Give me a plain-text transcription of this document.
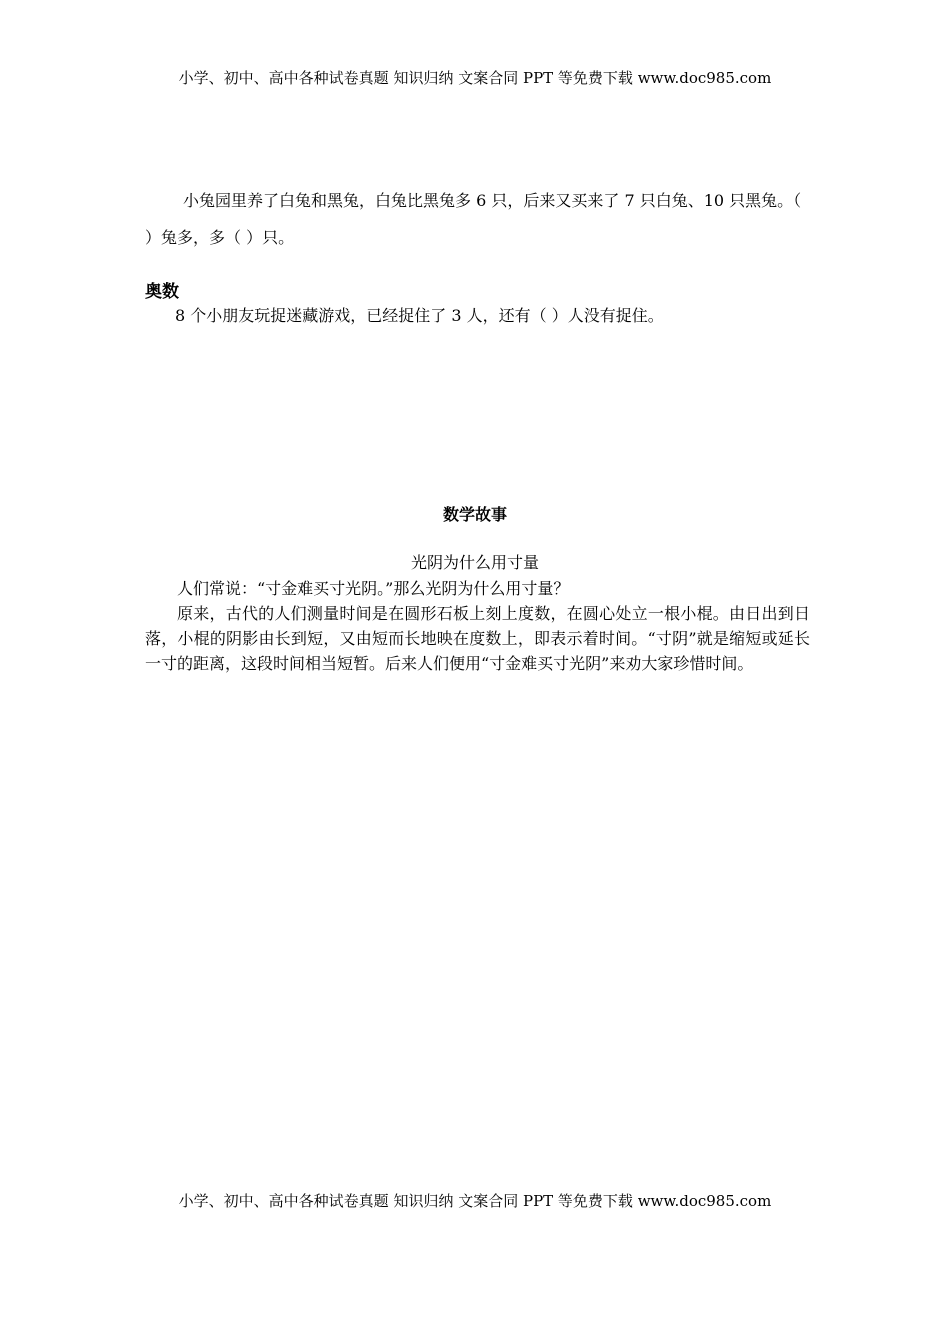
小学、初中、高中各种试卷真题 知识归纳 文案合同 PPT 等免费下载 www.doc985.com
小兔园里养了白兔和黑兔，白兔比黑兔多 6 只，后来又买来了 7 只白兔、10 只黑兔。（ ）兔多，多（ ）只。
奥数
8 个小朋友玩捉迷藏游戏，已经捉住了 3 人，还有（ ）人没有捉住。
数学故事
光阴为什么用寸量

人们常说：“寸金难买寸光阴。”那么光阴为什么用寸量？

原来，古代的人们测量时间是在圆形石板上刻上度数，在圆心处立一根小棍。由日出到日落，小棍的阴影由长到短，又由短而长地映在度数上，即表示着时间。“寸阴”就是缩短或延长一寸的距离，这段时间相当短暂。后来人们便用“寸金难买寸光阴”来劝大家珍惜时间。

小学、初中、高中各种试卷真题 知识归纳 文案合同 PPT 等免费下载 www.doc985.com
